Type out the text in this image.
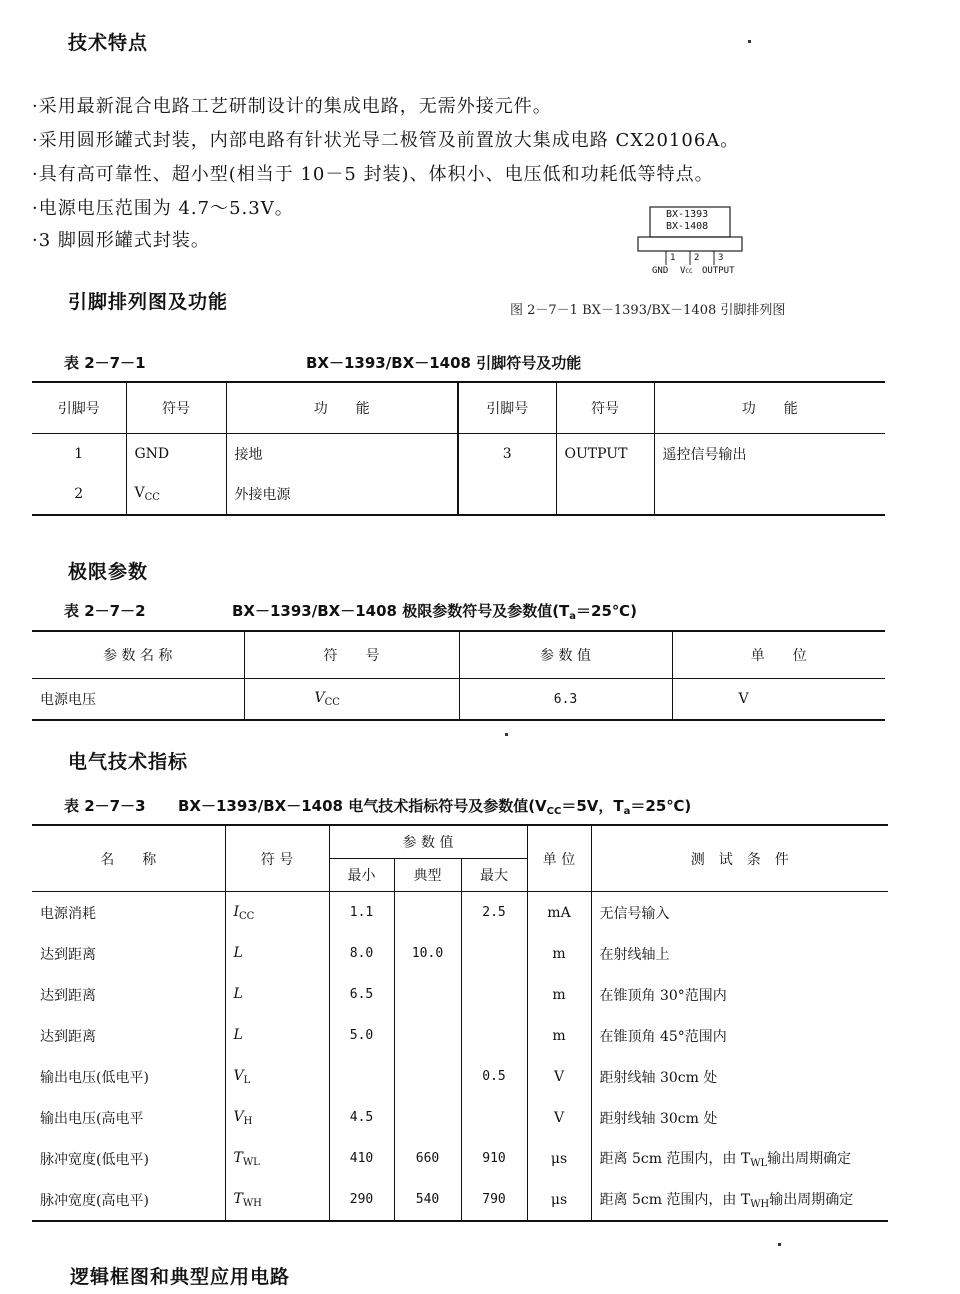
技术特点
·采用最新混合电路工艺研制设计的集成电路，无需外接元件。
·采用圆形罐式封装，内部电路有针状光导二极管及前置放大集成电路 CX20106A。
·具有高可靠性、超小型(相当于 10－5 封装)、体积小、电压低和功耗低等特点。
·电源电压范围为 4.7～5.3V。
·3 脚圆形罐式封装。
BX-1393
BX-1408
1 2 3
GND VCC OUTPUT
引脚排列图及功能	图 2－7－1 BX－1393/BX－1408 引脚排列图
表 2－7－1	BX－1393/BX－1408 引脚符号及功能
引脚号	符号	功　　能	引脚号	符号	功　　能
1	GND	接地	3	OUTPUT	遥控信号输出
2	$V_{CC}$	外接电源			
极限参数
表 2－7－2	BX－1393/BX－1408 极限参数符号及参数值$(T_a=25℃)$
参 数 名 称	符　　号	参 数 值	单　　位
电源电压	$V_{CC}$	6.3	V
电气技术指标
表 2－7－3 BX－1393/BX－1408 电气技术指标符号及参数值($V_{CC}=5V$，$T_a=25℃$)
名　　称	符 号	参 数 值			单 位	测　试　条　件
		最小	典型	最大		
电源消耗	$I_{CC}$	1.1		2.5	mA	无信号输入
达到距离	L	8.0	10.0		m	在射线轴上
达到距离	L	6.5			m	在锥顶角 30°范围内
达到距离	L	5.0			m	在锥顶角 45°范围内
输出电压(低电平)	$V_L$			0.5	V	距射线轴 30cm 处
输出电压(高电平	$V_H$	4.5			V	距射线轴 30cm 处
脉冲宽度(低电平)	$T_{WL}$	410	660	910	μs	距离 5cm 范围内，由 $T_{WL}$输出周期确定
脉冲宽度(高电平)	$T_{WH}$	290	540	790	μs	距离 5cm 范围内，由 $T_{WH}$输出周期确定
逻辑框图和典型应用电路
